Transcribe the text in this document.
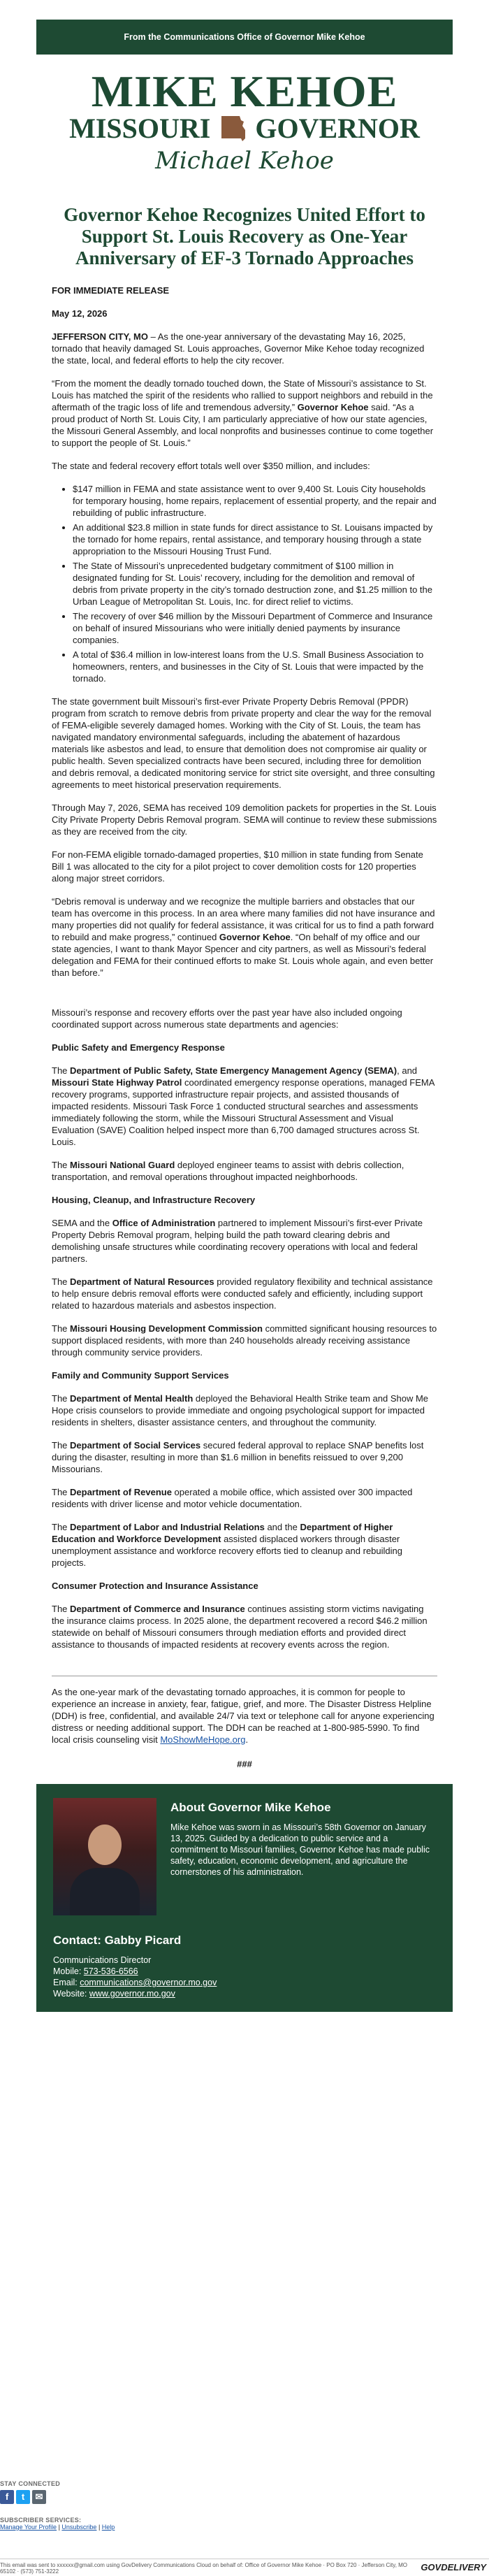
From the Communications Office of Governor Mike Kehoe
MIKE KEHOE
MISSOURI GOVERNOR
Michael Kehoe
Governor Kehoe Recognizes United Effort to Support St. Louis Recovery as One-Year Anniversary of EF-3 Tornado Approaches

FOR IMMEDIATE RELEASE

May 12, 2026

JEFFERSON CITY, MO – As the one-year anniversary of the devastating May 16, 2025, tornado that heavily damaged St. Louis approaches, Governor Mike Kehoe today recognized the state, local, and federal efforts to help the city recover.

“From the moment the deadly tornado touched down, the State of Missouri’s assistance to St. Louis has matched the spirit of the residents who rallied to support neighbors and rebuild in the aftermath of the tragic loss of life and tremendous adversity,” Governor Kehoe said. “As a proud product of North St. Louis City, I am particularly appreciative of how our state agencies, the Missouri General Assembly, and local nonprofits and businesses continue to come together to support the people of St. Louis.”

The state and federal recovery effort totals well over $350 million, and includes:

• $147 million in FEMA and state assistance went to over 9,400 St. Louis City households for temporary housing, home repairs, replacement of essential property, and the repair and rebuilding of public infrastructure.
• An additional $23.8 million in state funds for direct assistance to St. Louisans impacted by the tornado for home repairs, rental assistance, and temporary housing through a state appropriation to the Missouri Housing Trust Fund.
• The State of Missouri’s unprecedented budgetary commitment of $100 million in designated funding for St. Louis’ recovery, including for the demolition and removal of debris from private property in the city’s tornado destruction zone, and $1.25 million to the Urban League of Metropolitan St. Louis, Inc. for direct relief to victims.
• The recovery of over $46 million by the Missouri Department of Commerce and Insurance on behalf of insured Missourians who were initially denied payments by insurance companies.
• A total of $36.4 million in low-interest loans from the U.S. Small Business Association to homeowners, renters, and businesses in the City of St. Louis that were impacted by the tornado.

The state government built Missouri’s first-ever Private Property Debris Removal (PPDR) program from scratch to remove debris from private property and clear the way for the removal of FEMA-eligible severely damaged homes. Working with the City of St. Louis, the team has navigated mandatory environmental safeguards, including the abatement of hazardous materials like asbestos and lead, to ensure that demolition does not compromise air quality or public health. Seven specialized contracts have been secured, including three for demolition and debris removal, a dedicated monitoring service for strict site oversight, and three consulting agreements to meet historical preservation requirements.

Through May 7, 2026, SEMA has received 109 demolition packets for properties in the St. Louis City Private Property Debris Removal program. SEMA will continue to review these submissions as they are received from the city.

For non-FEMA eligible tornado-damaged properties, $10 million in state funding from Senate Bill 1 was allocated to the city for a pilot project to cover demolition costs for 120 properties along major street corridors.

“Debris removal is underway and we recognize the multiple barriers and obstacles that our team has overcome in this process. In an area where many families did not have insurance and many properties did not qualify for federal assistance, it was critical for us to find a path forward to rebuild and make progress,” continued Governor Kehoe. “On behalf of my office and our state agencies, I want to thank Mayor Spencer and city partners, as well as Missouri’s federal delegation and FEMA for their continued efforts to make St. Louis whole again, and even better than before.”

Missouri’s response and recovery efforts over the past year have also included ongoing coordinated support across numerous state departments and agencies:

Public Safety and Emergency Response

The Department of Public Safety, State Emergency Management Agency (SEMA), and Missouri State Highway Patrol coordinated emergency response operations, managed FEMA recovery programs, supported infrastructure repair projects, and assisted thousands of impacted residents. Missouri Task Force 1 conducted structural searches and assessments immediately following the storm, while the Missouri Structural Assessment and Visual Evaluation (SAVE) Coalition helped inspect more than 6,700 damaged structures across St. Louis.

The Missouri National Guard deployed engineer teams to assist with debris collection, transportation, and removal operations throughout impacted neighborhoods.

Housing, Cleanup, and Infrastructure Recovery

SEMA and the Office of Administration partnered to implement Missouri’s first-ever Private Property Debris Removal program, helping build the path toward clearing debris and demolishing unsafe structures while coordinating recovery operations with local and federal partners.

The Department of Natural Resources provided regulatory flexibility and technical assistance to help ensure debris removal efforts were conducted safely and efficiently, including support related to hazardous materials and asbestos inspection.

The Missouri Housing Development Commission committed significant housing resources to support displaced residents, with more than 240 households already receiving assistance through community service providers.

Family and Community Support Services

The Department of Mental Health deployed the Behavioral Health Strike team and Show Me Hope crisis counselors to provide immediate and ongoing psychological support for impacted residents in shelters, disaster assistance centers, and throughout the community.

The Department of Social Services secured federal approval to replace SNAP benefits lost during the disaster, resulting in more than $1.6 million in benefits reissued to over 9,200 Missourians.

The Department of Revenue operated a mobile office, which assisted over 300 impacted residents with driver license and motor vehicle documentation.

The Department of Labor and Industrial Relations and the Department of Higher Education and Workforce Development assisted displaced workers through disaster unemployment assistance and workforce recovery efforts tied to cleanup and rebuilding projects.

Consumer Protection and Insurance Assistance

The Department of Commerce and Insurance continues assisting storm victims navigating the insurance claims process. In 2025 alone, the department recovered a record $46.2 million statewide on behalf of Missouri consumers through mediation efforts and provided direct assistance to thousands of impacted residents at recovery events across the region.

As the one-year mark of the devastating tornado approaches, it is common for people to experience an increase in anxiety, fear, fatigue, grief, and more. The Disaster Distress Helpline (DDH) is free, confidential, and available 24/7 via text or telephone call for anyone experiencing distress or needing additional support. The DDH can be reached at 1-800-985-5990. To find local crisis counseling visit MoShowMeHope.org.
###
About Governor Mike Kehoe
Mike Kehoe was sworn in as Missouri’s 58th Governor on January 13, 2025. Guided by a dedication to public service and a commitment to Missouri families, Governor Kehoe has made public safety, education, economic development, and agriculture the cornerstones of his administration.
Contact: Gabby Picard
Communications Director
Mobile: 573-536-6566
Email: communications@governor.mo.gov
Website: www.governor.mo.gov
STAY CONNECTED
f	t	✉
SUBSCRIBER SERVICES:
Manage Your Profile | Unsubscribe | Help
This email was sent to xxxxxx@gmail.com using GovDelivery Communications Cloud on behalf of: Office of Governor Mike Kehoe · PO Box 720 · Jefferson City, MO 65102 · (573) 751-3222	GOVDELIVERY
